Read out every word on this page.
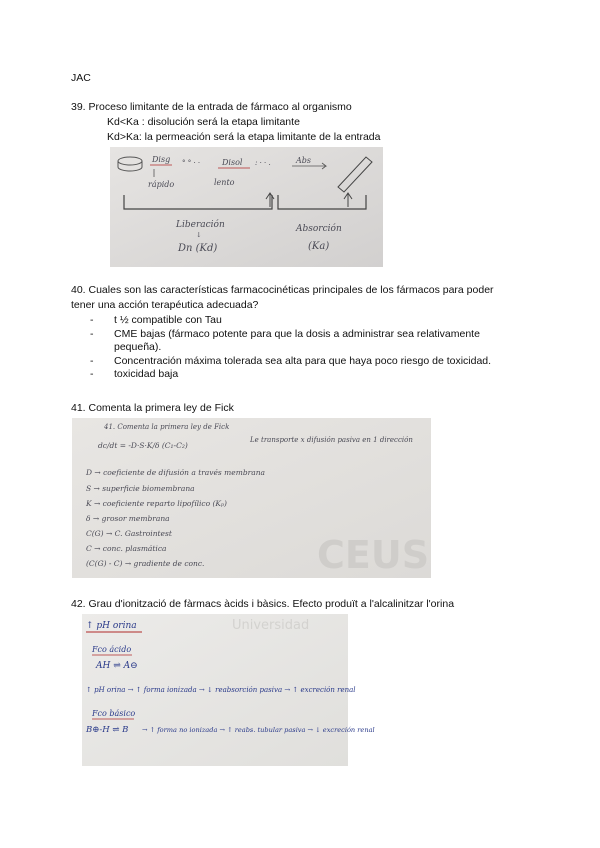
JAC
39. Proceso limitante de la entrada de fármaco al organismo
Kd<Ka : disolución será la etapa limitante
Kd>Ka: la permeación será la etapa limitante de la entrada
Disg ° ° · ·
rápido
Disol : · · .
lento
Abs
Liberación
↓
Dn (Kd)
Absorción
(Ka)
40. Cuales son las características farmacocinéticas principales de los fármacos para poder
tener una acción terapéutica adecuada?
- t ½ compatible con Tau
- CME bajas (fármaco potente para que la dosis a administrar sea relativamente
pequeña).
- Concentración máxima tolerada sea alta para que haya poco riesgo de toxicidad.
- toxicidad baja
41. Comenta la primera ley de Fick
CEUS
41. Comenta la primera ley de Fick
Le transporte x difusión pasiva en 1 dirección
dc/dt = -D·S·K/δ (C₁-C₂)
D → coeficiente de difusión a través membrana
S → superficie biomembrana
K → coeficiente reparto lipofílico (Kₚ)
δ → grosor membrana
C(G) → C. Gastrointest
C → conc. plasmática
(C(G) - C) → gradiente de conc.
42. Grau d'ionització de fàrmacs àcids i bàsics. Efecto produït a l'alcalinitzar l'orina
Universidad
↑ pH orina
Fco ácido
AH ⇌ A⊖
↑ pH orina → ↑ forma ionizada → ↓ reabsorción pasiva → ↑ excreción renal
Fco básico
B⊕-H ⇌ B → ↑ forma no ionizada → ↑ reabs. tubular pasiva → ↓ excreción renal
